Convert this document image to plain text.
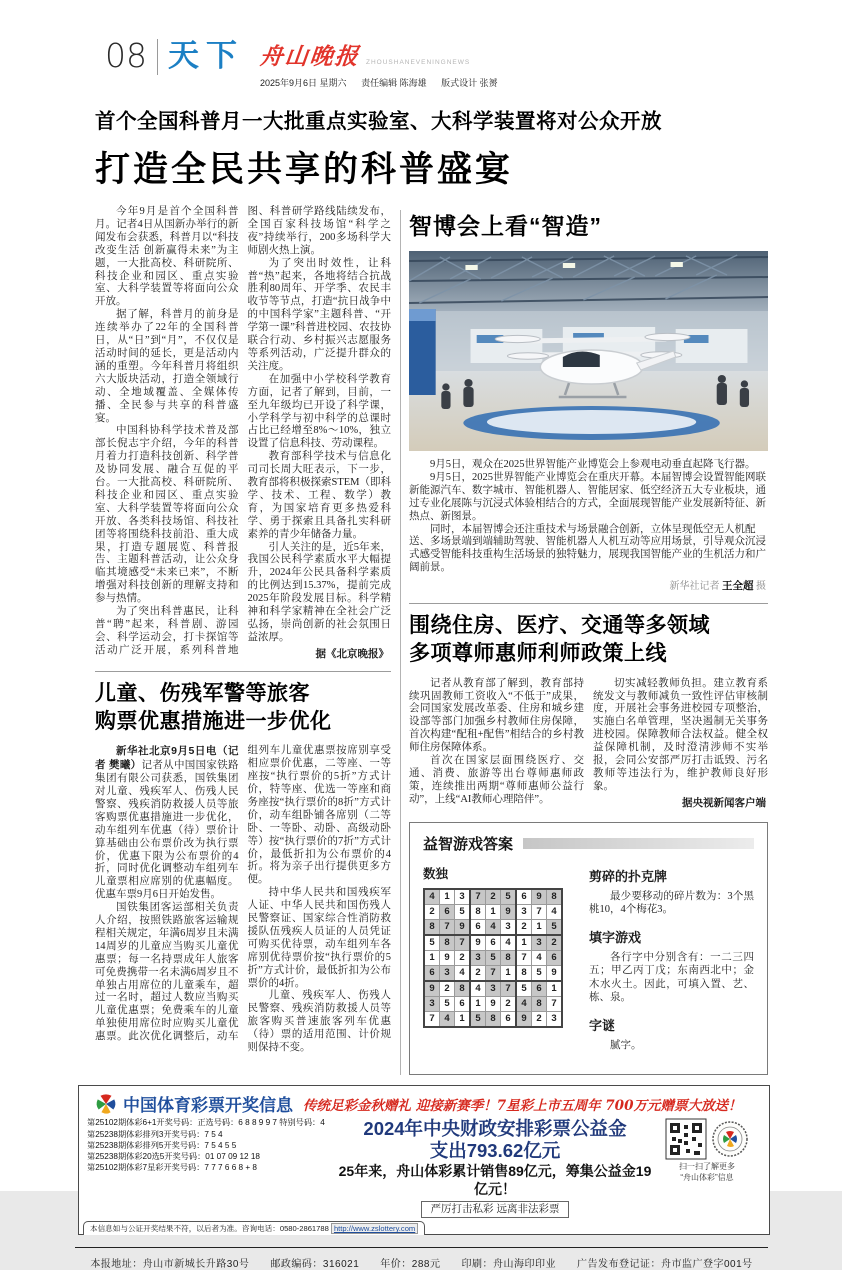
08 天下 舟山晚报 ZHOUSHANEVENINGNEWS
2025年9月6日 星期六 责任编辑 陈海雄 版式设计 张赟
首个全国科普月一大批重点实验室、大科学装置将对公众开放
打造全民共享的科普盛宴

今年9月是首个全国科普月。记者4日从国新办举行的新闻发布会获悉，科普月以“科技改变生活 创新赢得未来”为主题，一大批高校、科研院所、科技企业和园区、重点实验室、大科学装置等将面向公众开放。

据了解，科普月的前身是连续举办了22年的全国科普日，从“日”到“月”，不仅仅是活动时间的延长，更是活动内涵的重塑。今年科普月将组织六大版块活动，打造全领域行动、全地域覆盖、全媒体传播、全民参与共享的科普盛宴。

中国科协科学技术普及部部长倪志宇介绍，今年的科普月着力打造科技创新、科学普及协同发展、融合互促的平台。一大批高校、科研院所、科技企业和园区、重点实验室、大科学装置等将面向公众开放、各类科技场馆、科技社团等将围绕科技前沿、重大成果，打造专题展览、科普报告、主题科普活动，让公众身临其境感受“未来已来”，不断增强对科技创新的理解支持和参与热情。

为了突出科普惠民，让科普“聘”起来，科普剧、游园会、科学运动会，打卡探馆等活动广泛开展，系列科普地图、科普研学路线陆续发布，全国百家科技场馆“科学之夜”持续举行，200多场科学大师剧火热上演。

为了突出时效性，让科普“热”起来，各地将结合抗战胜利80周年、开学季、农民丰收节等节点，打造“抗日战争中的中国科学家”主题科普、“开学第一课”科普进校园、农技协联合行动、乡村振兴志愿服务等系列活动，广泛提升群众的关注度。

在加强中小学校科学教育方面，记者了解到，目前，一至九年级均已开设了科学课，小学科学与初中科学的总课时占比已经增至8%～10%，独立设置了信息科技、劳动课程。

教育部科学技术与信息化司司长周大旺表示，下一步，教育部将积极探索STEM（即科学、技术、工程、数学）教育，为国家培育更多热爱科学、勇于探索且具备扎实科研素养的青少年储备力量。

引人关注的是，近5年来，我国公民科学素质水平大幅提升，2024年公民具备科学素质的比例达到15.37%，提前完成2025年阶段发展目标。科学精神和科学家精神在全社会广泛弘扬，崇尚创新的社会氛围日益浓厚。

据《北京晚报》
儿童、伤残军警等旅客
购票优惠措施进一步优化

新华社北京9月5日电（记者 樊曦）记者从中国国家铁路集团有限公司获悉，国铁集团对儿童、残疾军人、伤残人民警察、残疾消防救援人员等旅客购票优惠措施进一步优化，动车组列车优惠（待）票价计算基础由公布票价改为执行票价，优惠下限为公布票价的4折，同时优化调整动车组列车儿童票相应席别的优惠幅度。优惠车票9月6日开始发售。

国铁集团客运部相关负责人介绍，按照铁路旅客运输规程相关规定，年满6周岁且未满14周岁的儿童应当购买儿童优惠票；每一名持票成年人旅客可免费携带一名未满6周岁且不单独占用席位的儿童乘车，超过一名时，超过人数应当购买儿童优惠票；免费乘车的儿童单独使用席位时应购买儿童优惠票。此次优化调整后，动车组列车儿童优惠票按席别享受相应票价优惠，二等座、一等座按“执行票价的5折”方式计价，特等座、优选一等座和商务座按“执行票价的8折”方式计价，动车组卧铺各席别（二等卧、一等卧、动卧、高级动卧等）按“执行票价的7折”方式计价，最低折扣为公布票价的4折。将为亲子出行提供更多方便。

持中华人民共和国残疾军人证、中华人民共和国伤残人民警察证、国家综合性消防救援队伍残疾人员证的人员凭证可购买优待票，动车组列车各席别优待票价按“执行票价的5折”方式计价，最低折扣为公布票价的4折。

儿童、残疾军人、伤残人民警察、残疾消防救援人员等旅客购买普速旅客列车优惠（待）票的适用范围、计价规则保持不变。

智博会上看“智造”

9月5日，观众在2025世界智能产业博览会上参观电动垂直起降飞行器。

9月5日，2025世界智能产业博览会在重庆开幕。本届智博会设置智能网联新能源汽车、数字城市、智能机器人、智能居家、低空经济五大专业板块，通过专业化展陈与沉浸式体验相结合的方式，全面展现智能产业发展新特征、新热点、新图景。

同时，本届智博会还注重技术与场景融合创新，立体呈现低空无人机配送、多场景端到端辅助驾驶、智能机器人人机互动等应用场景，引导观众沉浸式感受智能科技重构生活场景的独特魅力，展现我国智能产业的生机活力和广阔前景。

新华社记者 王全超 摄
围绕住房、医疗、交通等多领域
多项尊师惠师利师政策上线

记者从教育部了解到，教育部持续巩固教师工资收入“不低于”成果，会同国家发展改革委、住房和城乡建设部等部门加强乡村教师住房保障，首次构建“配租+配售”相结合的乡村教师住房保障体系。

首次在国家层面围绕医疗、交通、消费、旅游等出台尊师惠师政策，连续推出两期“尊师惠师公益行动”，上线“AI教师心理陪伴”。

切实减轻教师负担。建立教育系统发文与教师减负一致性评估审核制度，开展社会事务进校园专项整治，实施白名单管理，坚决遏制无关事务进校园。保障教师合法权益。健全权益保障机制，及时澄清涉师不实举报，会同公安部严厉打击诋毁、污名教师等违法行为，维护教师良好形象。

据央视新闻客户端
益智游戏答案
数独
4	1	3	7	2	5	6	9	8
2	6	5	8	1	9	3	7	4
8	7	9	6	4	3	2	1	5
5	8	7	9	6	4	1	3	2
1	9	2	3	5	8	7	4	6
6	3	4	2	7	1	8	5	9
9	2	8	4	3	7	5	6	1
3	5	6	1	9	2	4	8	7
7	4	1	5	8	6	9	2	3
剪碎的扑克牌

最少要移动的碎片数为：3个黑桃10，4个梅花3。

填字游戏

各行字中分别含有：一二三四五；甲乙丙丁戊；东南西北中；金木水火土。因此，可填入置、艺、栋、泉。

字谜

腻字。

中国体育彩票开奖信息 传统足彩金秋赠礼 迎接新赛季！7星彩上市五周年 700万元赠票大放送！
第25102期体彩6+1开奖号码：正选号码：6 8 8 9 9 7 特别号码：4
第25238期体彩排列3开奖号码：7 5 4
第25238期体彩排列5开奖号码：7 5 4 5 5
第25238期体彩20选5开奖号码：01 07 09 12 18
第25102期体彩7星彩开奖号码：7 7 7 6 6 8 + 8
2024年中央财政安排彩票公益金
支出793.62亿元
25年来，舟山体彩累计销售89亿元，筹集公益金19亿元！
严厉打击私彩 远离非法彩票
扫一扫了解更多
“舟山体彩”信息
本信息如与公证开奖结果不符，以后者为准。咨询电话：0580-2861788 http://www.zslottery.com
本报地址：舟山市新城长升路30号　　邮政编码：316021　　年价：288元　　印刷：舟山海印印业　　广告发布登记证：舟市监广登字001号
